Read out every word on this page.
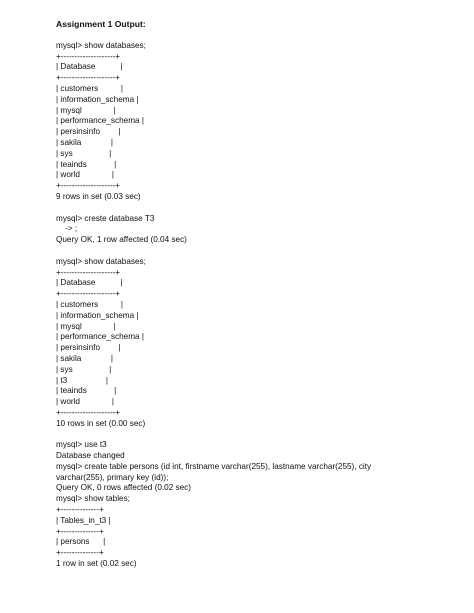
Assignment 1 Output:
mysql> show databases;
+--------------------+
| Database           |
+--------------------+
| customers          |
| information_schema |
| mysql              |
| performance_schema |
| persinsinfo        |
| sakila             |
| sys                |
| teainds            |
| world              |
+--------------------+
9 rows in set (0.03 sec)
mysql> creste database T3
-> ;
Query OK, 1 row affected (0.04 sec)
mysql> show databases;
+--------------------+
| Database           |
+--------------------+
| customers          |
| information_schema |
| mysql              |
| performance_schema |
| persinsinfo        |
| sakila             |
| sys                |
| t3                 |
| teainds            |
| world              |
+--------------------+
10 rows in set (0.00 sec)
mysql> use t3
Database changed
mysql> create table persons (id int, firstname varchar(255), lastname varchar(255), city
varchar(255), primary key (id));
Query OK, 0 rows affected (0.02 sec)
mysql> show tables;
+--------------+
| Tables_in_t3 |
+--------------+
| persons      |
+--------------+
1 row in set (0.02 sec)
